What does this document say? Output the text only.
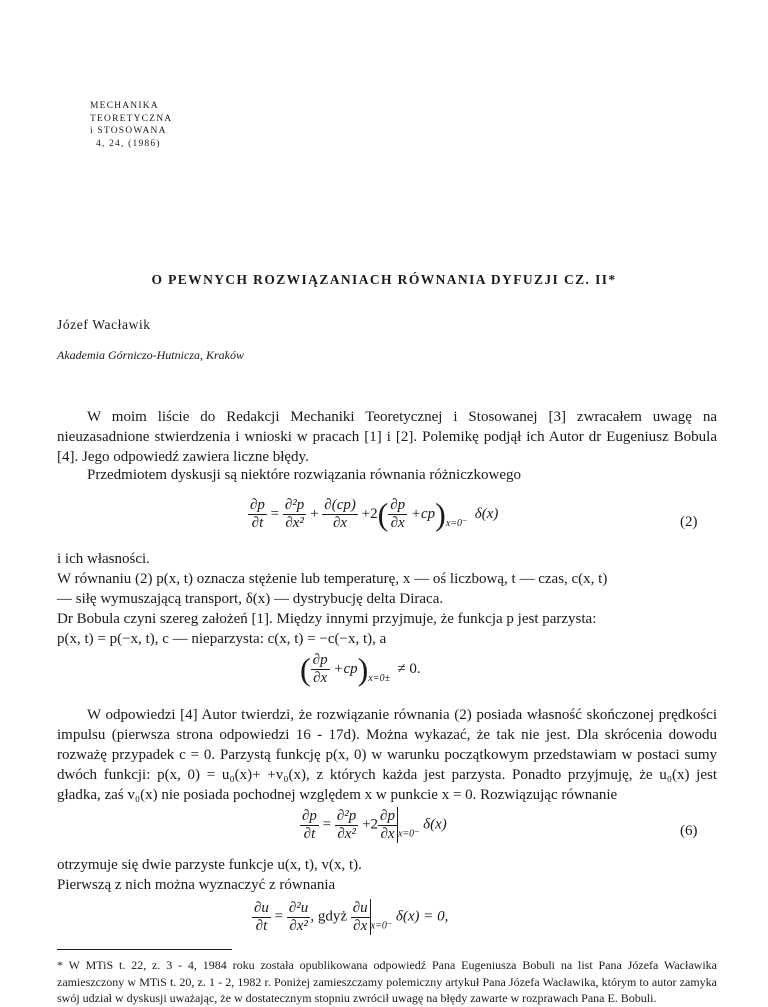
MECHANIKA
TEORETYCZNA
i STOSOWANA
4, 24, (1986)
O PEWNYCH ROZWIĄZANIACH RÓWNANIA DYFUZJI CZ. II*
Józef Wacławik
Akademia Górniczo-Hutnicza, Kraków
W moim liście do Redakcji Mechaniki Teoretycznej i Stosowanej [3] zwracałem uwagę na nieuzasadnione stwierdzenia i wnioski w pracach [1] i [2]. Polemikę podjął ich Autor dr Eugeniusz Bobula [4]. Jego odpowiedź zawiera liczne błędy.
Przedmiotem dyskusji są niektóre rozwiązania równania różniczkowego
$\frac{\partial p}{\partial t} = \frac{\text{∂²p}}{\text{∂x²}} + \frac{\partial(cp)}{\partial x} +2( \frac{\partial p}{\partial x} +cp)_{x=0^-}$  δ(x)
(2)
i ich własności.
W równaniu (2) p(x, t) oznacza stężenie lub temperaturę, x — oś liczbową, t — czas, c(x, t)
— siłę wymuszającą transport, δ(x) — dystrybucję delta Diraca.
Dr Bobula czyni szereg założeń [1]. Między innymi przyjmuje, że funkcja p jest parzysta:
p(x, t) = p(−x, t), c — nieparzysta: c(x, t) = −c(−x, t), a
( $\frac{\partial p}{\partial x} +cp)_{x=0\pm} \ne 0$.
W odpowiedzi [4] Autor twierdzi, że rozwiązanie równania (2) posiada własność skończonej prędkości impulsu (pierwsza strona odpowiedzi 16 - 17d). Można wykazać, że tak nie jest. Dla skrócenia dowodu rozważę przypadek c = 0. Parzystą funkcję p(x, 0) w warunku początkowym przedstawiam w postaci sumy dwóch funkcji: p(x, 0) = u₀(x)+ +v₀(x), z których każda jest parzysta. Ponadto przyjmuję, że u₀(x) jest gładka, zaś v₀(x) nie posiada pochodnej względem x w punkcie x = 0. Rozwiązując równanie
* W MTiS t. 22, z. 3 - 4, 1984 roku została opublikowana odpowiedź Pana Eugeniusza Bobuli na list Pana Józefa Wacławika zamieszczony w MTiS t. 20, z. 1 - 2, 1982 r. Poniżej zamieszczamy polemiczny artykuł Pana Józefa Wacławika, którym to autor zamyka swój udział w dyskusji uważając, że w dostatecznym stopniu zwrócił uwagę na błędy zawarte w rozprawach Pana E. Bobuli.
$\frac{\partial p}{\partial t} = \frac{\text{∂²p}}{\text{∂x²}} +2 \frac{\partial p}{\partial x} _{x=0^-}$ δ(x)	(6)
otrzymuje się dwie parzyste funkcje u(x, t), v(x, t).
Pierwszą z nich można wyznaczyć z równania
$\frac{\partial u}{\partial t} = \frac{\text{∂²u}}{\text{∂x²}}$ , gdyż $\frac{\partial u}{\partial x} _{x=0^-}$ δ(x) = 0,
